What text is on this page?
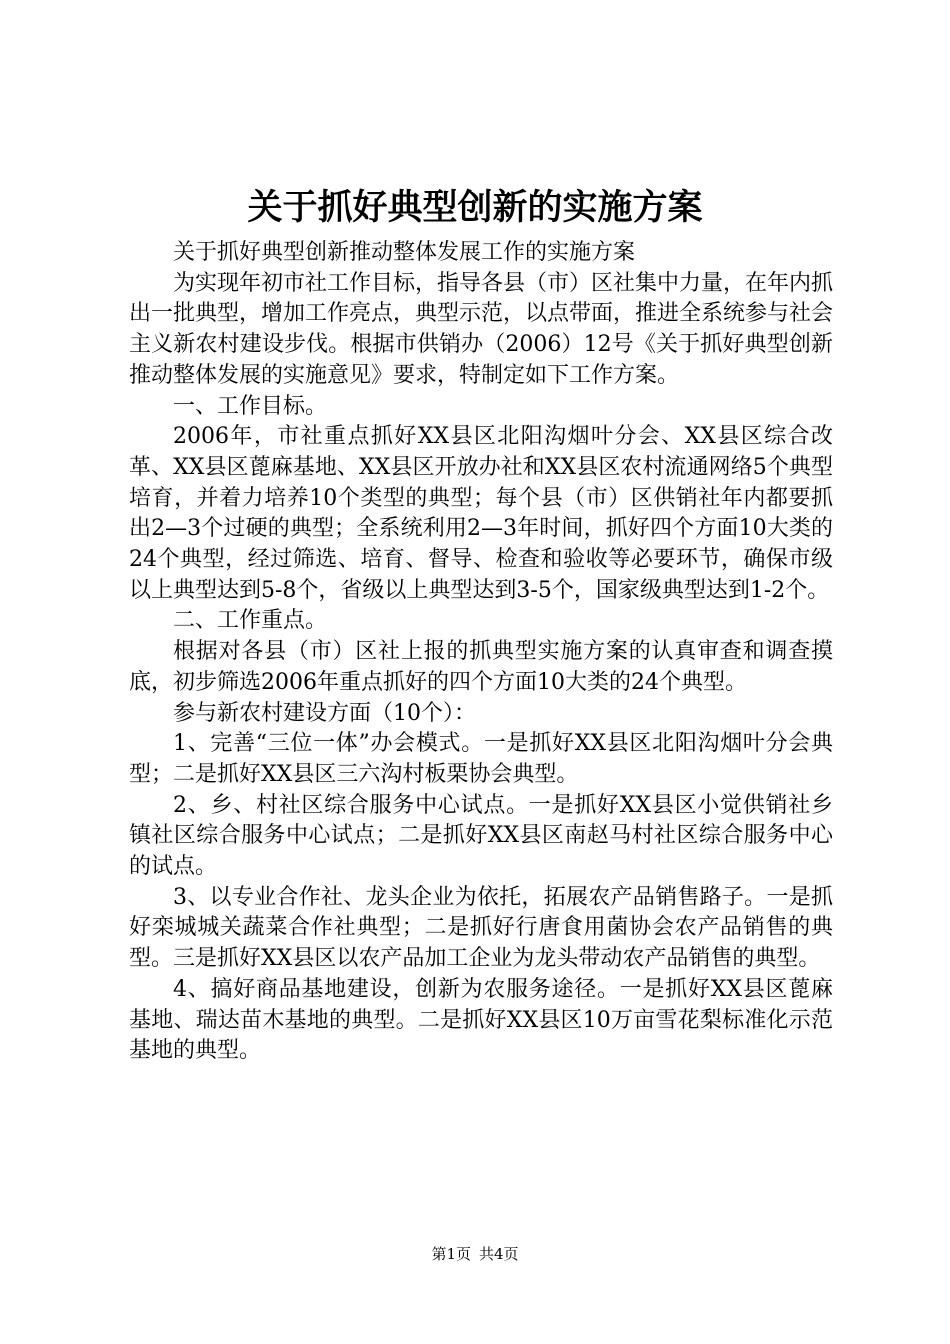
关于抓好典型创新的实施方案

关于抓好典型创新推动整体发展工作的实施方案

为实现年初市社工作目标，指导各县（市）区社集中力量，在年内抓出一批典型，增加工作亮点，典型示范，以点带面，推进全系统参与社会主义新农村建设步伐。根据市供销办（2006）12号《关于抓好典型创新推动整体发展的实施意见》要求，特制定如下工作方案。

一、工作目标。

2006年，市社重点抓好XX县区北阳沟烟叶分会、XX县区综合改革、XX县区蓖麻基地、XX县区开放办社和XX县区农村流通网络5个典型培育，并着力培养10个类型的典型；每个县（市）区供销社年内都要抓出2—3个过硬的典型；全系统利用2—3年时间，抓好四个方面10大类的24个典型，经过筛选、培育、督导、检查和验收等必要环节，确保市级以上典型达到5-8个，省级以上典型达到3-5个，国家级典型达到1-2个。

二、工作重点。

根据对各县（市）区社上报的抓典型实施方案的认真审查和调查摸底，初步筛选2006年重点抓好的四个方面10大类的24个典型。

参与新农村建设方面（10个）：

1、完善“三位一体”办会模式。一是抓好XX县区北阳沟烟叶分会典型；二是抓好XX县区三六沟村板栗协会典型。

2、乡、村社区综合服务中心试点。一是抓好XX县区小觉供销社乡镇社区综合服务中心试点；二是抓好XX县区南赵马村社区综合服务中心的试点。

3、以专业合作社、龙头企业为依托，拓展农产品销售路子。一是抓好栾城城关蔬菜合作社典型；二是抓好行唐食用菌协会农产品销售的典型。三是抓好XX县区以农产品加工企业为龙头带动农产品销售的典型。

4、搞好商品基地建设，创新为农服务途径。一是抓好XX县区蓖麻基地、瑞达苗木基地的典型。二是抓好XX县区10万亩雪花梨标准化示范基地的典型。

第1页 共4页
